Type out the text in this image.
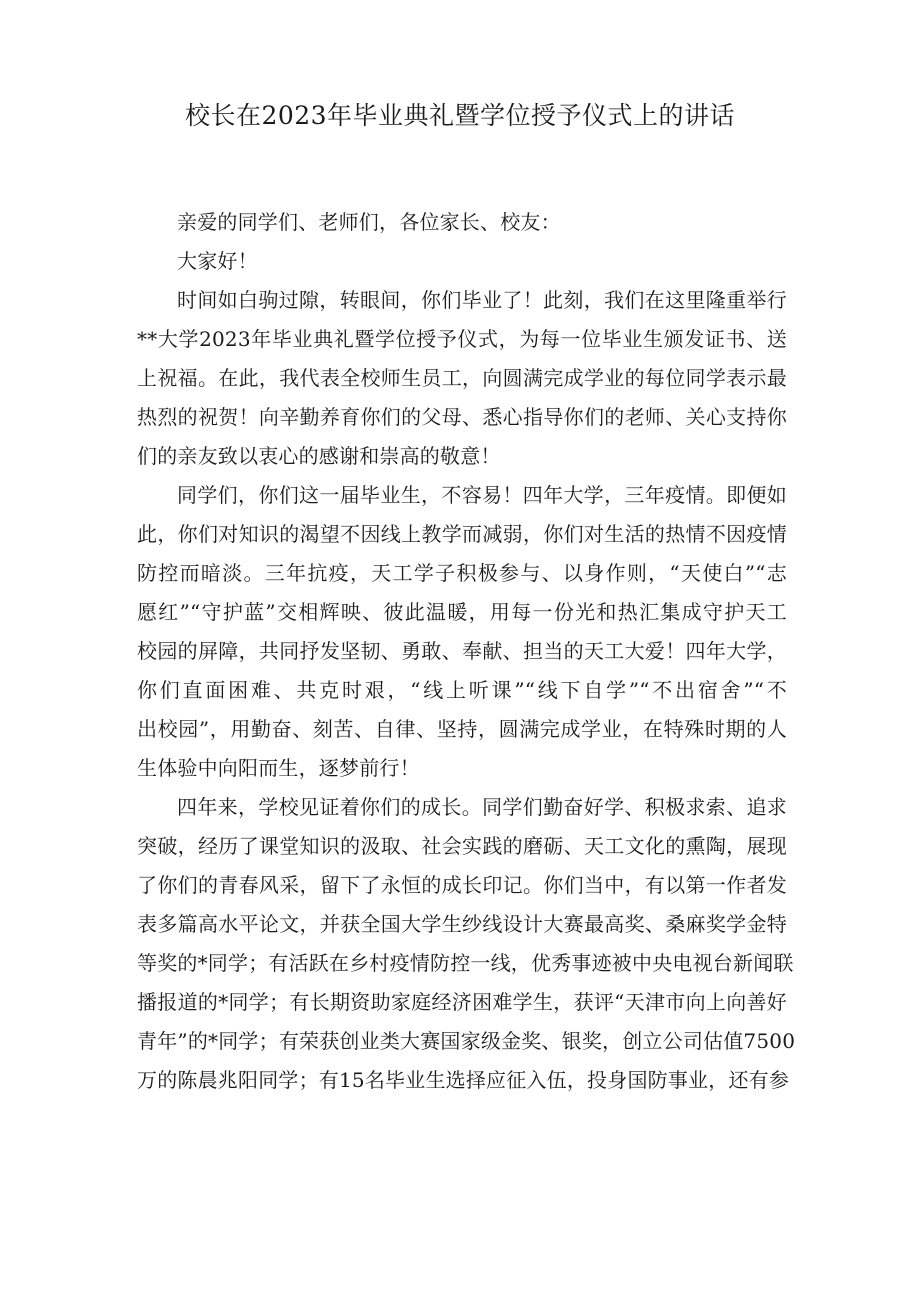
校长在2023年毕业典礼暨学位授予仪式上的讲话
亲爱的同学们、老师们，各位家长、校友：
大家好！
时间如白驹过隙，转眼间，你们毕业了！此刻，我们在这里隆重举行
**大学2023年毕业典礼暨学位授予仪式，为每一位毕业生颁发证书、送
上祝福。在此，我代表全校师生员工，向圆满完成学业的每位同学表示最
热烈的祝贺！向辛勤养育你们的父母、悉心指导你们的老师、关心支持你
们的亲友致以衷心的感谢和崇高的敬意！
同学们，你们这一届毕业生，不容易！四年大学，三年疫情。即便如
此，你们对知识的渴望不因线上教学而减弱，你们对生活的热情不因疫情
防控而暗淡。三年抗疫，天工学子积极参与、以身作则，“天使白”“志
愿红”“守护蓝”交相辉映、彼此温暖，用每一份光和热汇集成守护天工
校园的屏障，共同抒发坚韧、勇敢、奉献、担当的天工大爱！四年大学，
你们直面困难、共克时艰，“线上听课”“线下自学”“不出宿舍”“不
出校园”，用勤奋、刻苦、自律、坚持，圆满完成学业，在特殊时期的人
生体验中向阳而生，逐梦前行！
四年来，学校见证着你们的成长。同学们勤奋好学、积极求索、追求
突破，经历了课堂知识的汲取、社会实践的磨砺、天工文化的熏陶，展现
了你们的青春风采，留下了永恒的成长印记。你们当中，有以第一作者发
表多篇高水平论文，并获全国大学生纱线设计大赛最高奖、桑麻奖学金特
等奖的*同学；有活跃在乡村疫情防控一线，优秀事迹被中央电视台新闻联
播报道的*同学；有长期资助家庭经济困难学生，获评“天津市向上向善好
青年”的*同学；有荣获创业类大赛国家级金奖、银奖，创立公司估值7500
万的陈晨兆阳同学；有15名毕业生选择应征入伍，投身国防事业，还有参
